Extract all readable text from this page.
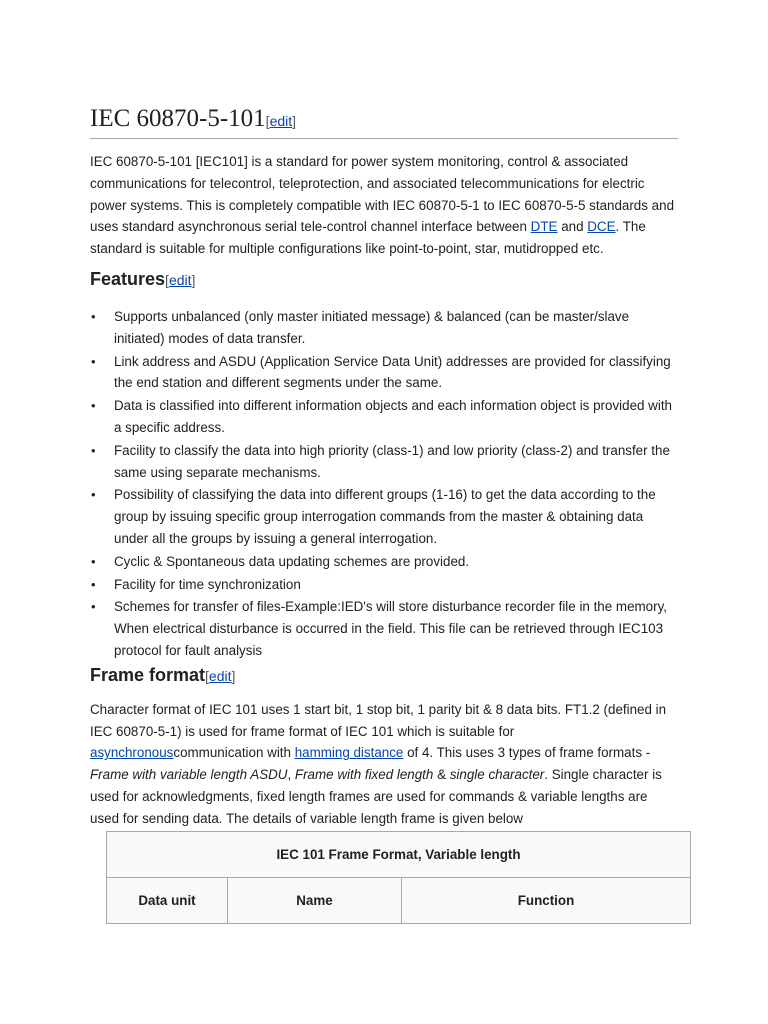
IEC 60870-5-101[edit]

IEC 60870-5-101 [IEC101] is a standard for power system monitoring, control & associated communications for telecontrol, teleprotection, and associated telecommunications for electric power systems. This is completely compatible with IEC 60870-5-1 to IEC 60870-5-5 standards and uses standard asynchronous serial tele-control channel interface between DTE and DCE. The standard is suitable for multiple configurations like point-to-point, star, mutidropped etc.

Features[edit]
• Supports unbalanced (only master initiated message) & balanced (can be master/slave initiated) modes of data transfer.
• Link address and ASDU (Application Service Data Unit) addresses are provided for classifying the end station and different segments under the same.
• Data is classified into different information objects and each information object is provided with a specific address.
• Facility to classify the data into high priority (class-1) and low priority (class-2) and transfer the same using separate mechanisms.
• Possibility of classifying the data into different groups (1-16) to get the data according to the group by issuing specific group interrogation commands from the master & obtaining data under all the groups by issuing a general interrogation.
• Cyclic & Spontaneous data updating schemes are provided.
• Facility for time synchronization
• Schemes for transfer of files-Example:IED's will store disturbance recorder file in the memory, When electrical disturbance is occurred in the field. This file can be retrieved through IEC103 protocol for fault analysis
Frame format[edit]

Character format of IEC 101 uses 1 start bit, 1 stop bit, 1 parity bit & 8 data bits. FT1.2 (defined in IEC 60870-5-1) is used for frame format of IEC 101 which is suitable for asynchronouscommunication with hamming distance of 4. This uses 3 types of frame formats - Frame with variable length ASDU, Frame with fixed length & single character. Single character is used for acknowledgments, fixed length frames are used for commands & variable lengths are used for sending data. The details of variable length frame is given below

IEC 101 Frame Format, Variable length
Data unit	Name	Function
